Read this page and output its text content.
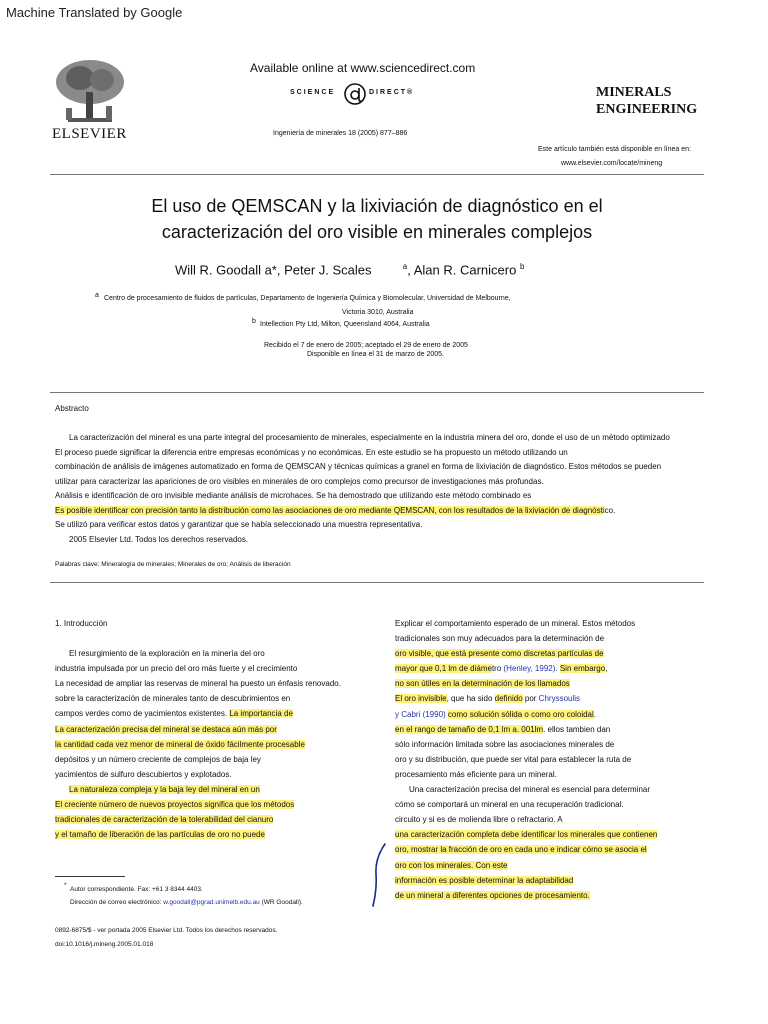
Machine Translated by Google
ELSEVIER
Available online at www.sciencedirect.com
SCIENCE	DIRECT®
Ingeniería de minerales 18 (2005) 877–886
MINERALS
ENGINEERING
Este artículo también está disponible en línea en:
www.elsevier.com/locate/mineng
El uso de QEMSCAN y la lixiviación de diagnóstico en el
caracterización del oro visible en minerales complejos
Will R. Goodall a*, Peter J. Scales	$^a$, Alan R. Carnicero $^b$
a Centro de procesamiento de fluidos de partículas, Departamento de Ingeniería Química y Biomolecular, Universidad de Melbourne,
Victoria 3010, Australia
b Intellection Pty Ltd, Milton, Queensland 4064, Australia
Recibido el 7 de enero de 2005; aceptado el 29 de enero de 2005
Disponible en línea el 31 de marzo de 2005.
Abstracto
La caracterización del mineral es una parte integral del procesamiento de minerales, especialmente en la industria minera del oro, donde el uso de un método optimizado
El proceso puede significar la diferencia entre empresas económicas y no económicas. En este estudio se ha propuesto un método utilizando un
combinación de análisis de imágenes automatizado en forma de QEMSCAN y técnicas químicas a granel en forma de lixiviación de diagnóstico. Estos métodos se pueden
utilizar para caracterizar las apariciones de oro visibles en minerales de oro complejos como precursor de investigaciones más profundas.
Análisis e identificación de oro invisible mediante análisis de microhaces. Se ha demostrado que utilizando este método combinado es
Es posible identificar con precisión tanto la distribución como las asociaciones de oro mediante QEMSCAN, con los resultados de la lixiviación de diagnóstico.
Se utilizó para verificar estos datos y garantizar que se había seleccionado una muestra representativa.
2005 Elsevier Ltd. Todos los derechos reservados.
Palabras clave: Mineralogía de minerales; Minerales de oro; Análisis de liberación

1. Introducción

El resurgimiento de la exploración en la minería del oro

industria impulsada por un precio del oro más fuerte y el crecimiento

La necesidad de ampliar las reservas de mineral ha puesto un énfasis renovado.

sobre la caracterización de minerales tanto de descubrimientos en

campos verdes como de yacimientos existentes. La importancia de

La caracterización precisa del mineral se destaca aún más por

la cantidad cada vez menor de mineral de óxido fácilmente procesable

depósitos y un número creciente de complejos de baja ley

yacimientos de sulfuro descubiertos y explotados.

La naturaleza compleja y la baja ley del mineral en un

El creciente número de nuevos proyectos significa que los métodos

tradicionales de caracterización de la tolerabilidad del cianuro

y el tamaño de liberación de las partículas de oro no puede

*
Autor correspondiente. Fax: +61 3 8344 4403.
Dirección de correo electrónico: w.goodall@pgrad.unimelb.edu.au (WR Goodall).
0892-6875/$ - ver portada 2005 Elsevier Ltd. Todos los derechos reservados.
doi:10.1016/j.mineng.2005.01.018

Explicar el comportamiento esperado de un mineral. Estos métodos

tradicionales son muy adecuados para la determinación de

oro visible, que está presente como discretas partículas de

mayor que 0,1 lm de diámetro (Henley, 1992). Sin embargo,

no son útiles en la determinación de los llamados

El oro invisible, que ha sido definido por Chryssoulis

y Cabri (1990) como solución sólida o como oro coloidal.

en el rango de tamaño de 0,1 lm a. 001lm. ellos tambien dan

sólo información limitada sobre las asociaciones minerales de

oro y su distribución, que puede ser vital para establecer la ruta de

procesamiento más eficiente para un mineral.

Una caracterización precisa del mineral es esencial para determinar

cómo se comportará un mineral en una recuperación tradicional.

circuito y si es de molienda libre o refractario. A

una caracterización completa debe identificar los minerales que contienen

oro, mostrar la fracción de oro en cada uno e indicar cómo se asocia el

oro con los minerales. Con este

información es posible determinar la adaptabilidad

de un mineral a diferentes opciones de procesamiento.
